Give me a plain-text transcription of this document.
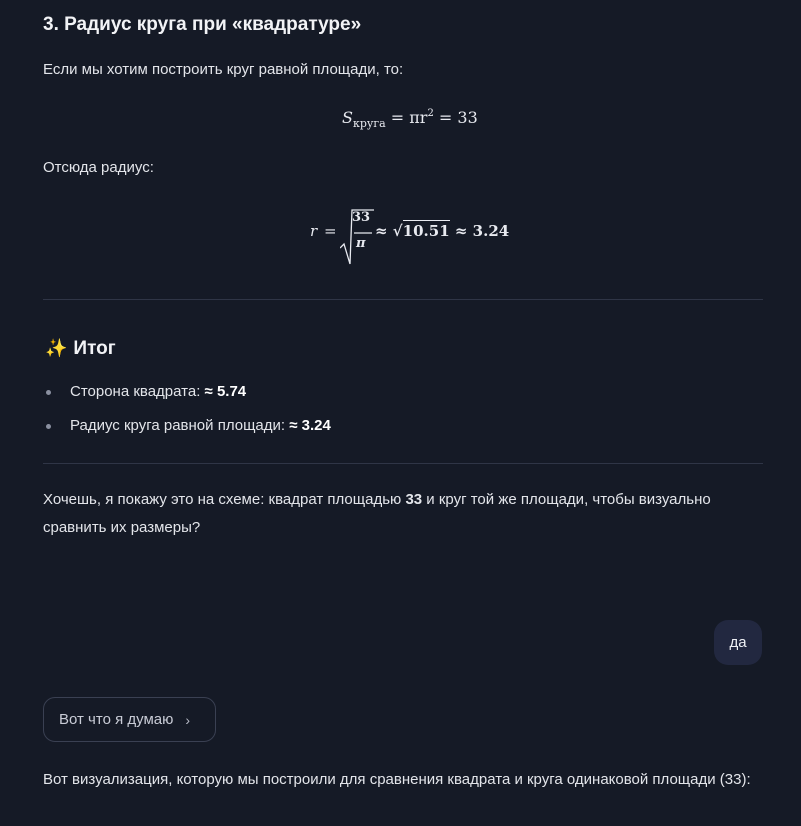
3. Радиус круга при «квадратуре»

Если мы хотим построить круг равной площади, то:

$S_{круга} = \pi r^2 = 33$

Отсюда радиус:

r =
33
π
≈ √10.51 ≈ 3.24
✨ Итог
Сторона квадрата: ≈ 5.74
Радиус круга равной площади: ≈ 3.24

Хочешь, я покажу это на схеме: квадрат площадью 33 и круг той же площади, чтобы визуально сравнить их размеры?

да
Вот что я думаю ›

Вот визуализация, которую мы построили для сравнения квадрата и круга одинаковой площади (33):
